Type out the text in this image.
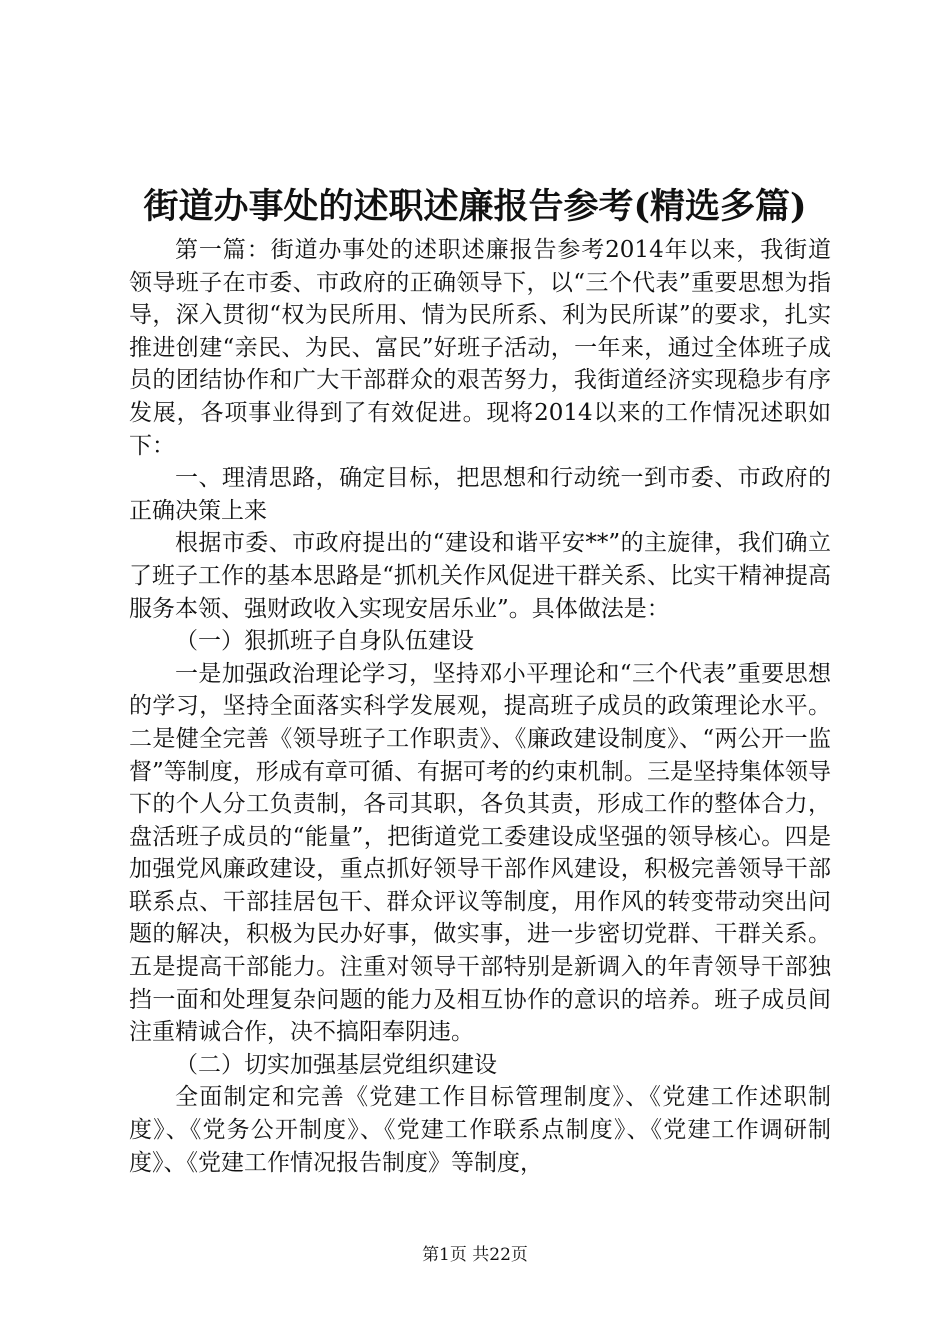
街道办事处的述职述廉报告参考(精选多篇)

第一篇：街道办事处的述职述廉报告参考2014年以来，我街道领导班子在市委、市政府的正确领导下，以“三个代表”重要思想为指导，深入贯彻“权为民所用、情为民所系、利为民所谋”的要求，扎实推进创建“亲民、为民、富民”好班子活动，一年来，通过全体班子成员的团结协作和广大干部群众的艰苦努力，我街道经济实现稳步有序发展，各项事业得到了有效促进。现将2014以来的工作情况述职如下：

一、理清思路，确定目标，把思想和行动统一到市委、市政府的正确决策上来

根据市委、市政府提出的“建设和谐平安**”的主旋律，我们确立了班子工作的基本思路是“抓机关作风促进干群关系、比实干精神提高服务本领、强财政收入实现安居乐业”。具体做法是：

（一）狠抓班子自身队伍建设

一是加强政治理论学习，坚持邓小平理论和“三个代表”重要思想的学习，坚持全面落实科学发展观，提高班子成员的政策理论水平。二是健全完善《领导班子工作职责》、《廉政建设制度》、“两公开一监督”等制度，形成有章可循、有据可考的约束机制。三是坚持集体领导下的个人分工负责制，各司其职，各负其责，形成工作的整体合力，盘活班子成员的“能量”，把街道党工委建设成坚强的领导核心。四是加强党风廉政建设，重点抓好领导干部作风建设，积极完善领导干部联系点、干部挂居包干、群众评议等制度，用作风的转变带动突出问题的解决，积极为民办好事，做实事，进一步密切党群、干群关系。五是提高干部能力。注重对领导干部特别是新调入的年青领导干部独挡一面和处理复杂问题的能力及相互协作的意识的培养。班子成员间注重精诚合作，决不搞阳奉阴违。

（二）切实加强基层党组织建设

全面制定和完善《党建工作目标管理制度》、《党建工作述职制度》、《党务公开制度》、《党建工作联系点制度》、《党建工作调研制度》、《党建工作情况报告制度》等制度，

第1页 共22页
